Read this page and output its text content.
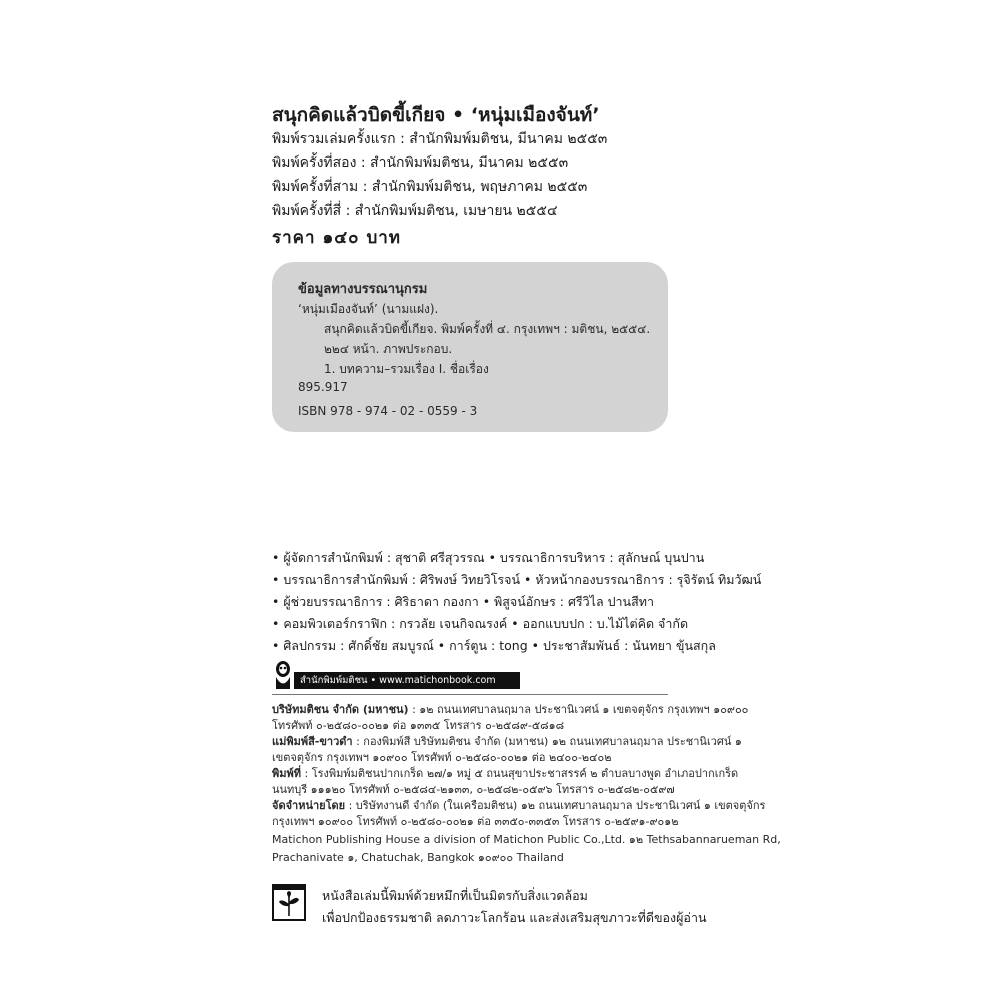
สนุกคิดแล้วบิดขี้เกียจ • ‘หนุ่มเมืองจันท์’
พิมพ์รวมเล่มครั้งแรก : สำนักพิมพ์มติชน, มีนาคม ๒๕๕๓
พิมพ์ครั้งที่สอง : สำนักพิมพ์มติชน, มีนาคม ๒๕๕๓
พิมพ์ครั้งที่สาม : สำนักพิมพ์มติชน, พฤษภาคม ๒๕๕๓
พิมพ์ครั้งที่สี่ : สำนักพิมพ์มติชน, เมษายน ๒๕๕๔
ราคา ๑๔๐ บาท
ข้อมูลทางบรรณานุกรม
‘หนุ่มเมืองจันท์’ (นามแฝง).
สนุกคิดแล้วบิดขี้เกียจ. พิมพ์ครั้งที่ ๔. กรุงเทพฯ : มติชน, ๒๕๕๔.
๒๒๔ หน้า. ภาพประกอบ.
1. บทความ–รวมเรื่อง I. ชื่อเรื่อง
895.917
ISBN 978 - 974 - 02 - 0559 - 3
• ผู้จัดการสำนักพิมพ์ : สุชาติ ศรีสุวรรณ • บรรณาธิการบริหาร : สุลักษณ์ บุนปาน
• บรรณาธิการสำนักพิมพ์ : ศิริพงษ์ วิทยวิโรจน์ • หัวหน้ากองบรรณาธิการ : รุจิรัตน์ ทิมวัฒน์
• ผู้ช่วยบรรณาธิการ : ศิริธาดา กองกา • พิสูจน์อักษร : ศรีวิไล ปานสีทา
• คอมพิวเตอร์กราฟิก : กรวลัย เจนกิจณรงค์ • ออกแบบปก : บ.ไม้ไต่คิด จำกัด
• ศิลปกรรม : ศักดิ์ชัย สมบูรณ์ • การ์ตูน : tong • ประชาสัมพันธ์ : นันทยา ขุ้นสกุล
สำนักพิมพ์มติชน • www.matichonbook.com
บริษัทมติชน จำกัด (มหาชน) : ๑๒ ถนนเทศบาลนฤมาล ประชานิเวศน์ ๑ เขตจตุจักร กรุงเทพฯ ๑๐๙๐๐
โทรศัพท์ ๐-๒๕๘๐-๐๐๒๑ ต่อ ๑๓๓๕ โทรสาร ๐-๒๕๘๙-๕๘๑๘
แม่พิมพ์สี-ขาวดำ : กองพิมพ์สี บริษัทมติชน จำกัด (มหาชน) ๑๒ ถนนเทศบาลนฤมาล ประชานิเวศน์ ๑
เขตจตุจักร กรุงเทพฯ ๑๐๙๐๐ โทรศัพท์ ๐-๒๕๘๐-๐๐๒๑ ต่อ ๒๔๐๐-๒๔๐๒
พิมพ์ที่ : โรงพิมพ์มติชนปากเกร็ด ๒๗/๑ หมู่ ๕ ถนนสุขาประชาสรรค์ ๒ ตำบลบางพูด อำเภอปากเกร็ด
นนทบุรี ๑๑๑๒๐ โทรศัพท์ ๐-๒๕๘๔-๒๑๓๓, ๐-๒๕๘๒-๐๕๙๖ โทรสาร ๐-๒๕๘๒-๐๕๙๗
จัดจำหน่ายโดย : บริษัทงานดี จำกัด (ในเครือมติชน) ๑๒ ถนนเทศบาลนฤมาล ประชานิเวศน์ ๑ เขตจตุจักร
กรุงเทพฯ ๑๐๙๐๐ โทรศัพท์ ๐-๒๕๘๐-๐๐๒๑ ต่อ ๓๓๕๐-๓๓๕๓ โทรสาร ๐-๒๕๙๑-๙๐๑๒
Matichon Publishing House a division of Matichon Public Co.,Ltd. ๑๒ Tethsabannarueman Rd,
Prachanivate ๑, Chatuchak, Bangkok ๑๐๙๐๐ Thailand
หนังสือเล่มนี้พิมพ์ด้วยหมึกที่เป็นมิตรกับสิ่งแวดล้อม
เพื่อปกป้องธรรมชาติ ลดภาวะโลกร้อน และส่งเสริมสุขภาวะที่ดีของผู้อ่าน
